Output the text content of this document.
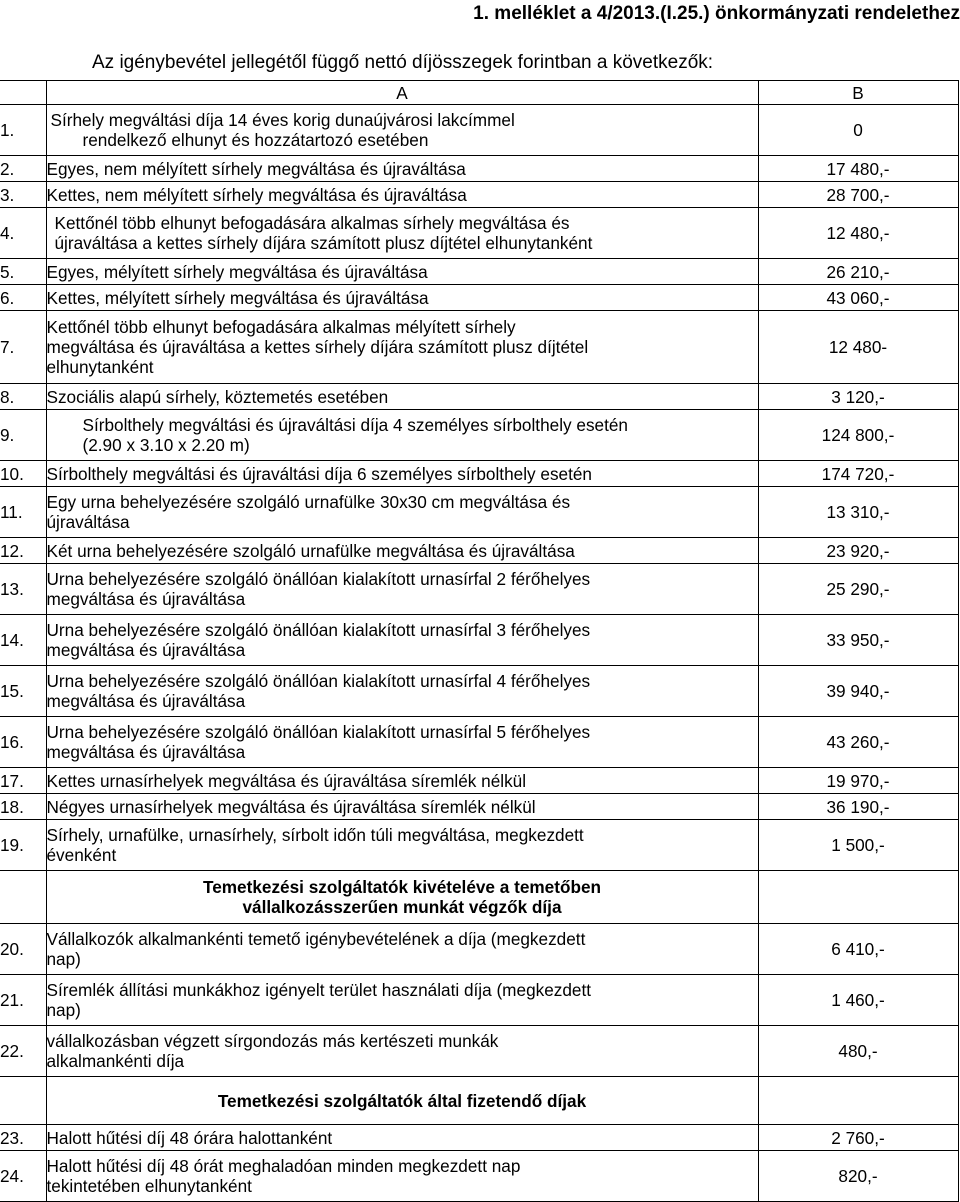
1. melléklet a 4/2013.(I.25.) önkormányzati rendelethez
Az igénybevétel jellegétől függő nettó díjösszegek forintban a következők:
	A	B
1.	Sírhely megváltási díja 14 éves korig dunaújvárosi lakcímmel
rendelkező elhunyt és hozzátartozó esetében	0
2.	Egyes, nem mélyített sírhely megváltása és újraváltása	17 480,-
3.	Kettes, nem mélyített sírhely megváltása és újraváltása	28 700,-
4.	Kettőnél több elhunyt befogadására alkalmas sírhely megváltása és
újraváltása a kettes sírhely díjára számított plusz díjtétel elhunytanként	12 480,-
5.	Egyes, mélyített sírhely megváltása és újraváltása	26 210,-
6.	Kettes, mélyített sírhely megváltása és újraváltása	43 060,-
7.	Kettőnél több elhunyt befogadására alkalmas mélyített sírhely
megváltása és újraváltása a kettes sírhely díjára számított plusz díjtétel
elhunytanként	12 480-
8.	Szociális alapú sírhely, köztemetés esetében	3 120,-
9.	Sírbolthely megváltási és újraváltási díja 4 személyes sírbolthely esetén
(2.90 x 3.10 x 2.20 m)	124 800,-
10.	Sírbolthely megváltási és újraváltási díja 6 személyes sírbolthely esetén	174 720,-
11.	Egy urna behelyezésére szolgáló urnafülke 30x30 cm megváltása és
újraváltása	13 310,-
12.	Két urna behelyezésére szolgáló urnafülke megváltása és újraváltása	23 920,-
13.	Urna behelyezésére szolgáló önállóan kialakított urnasírfal 2 férőhelyes
megváltása és újraváltása	25 290,-
14.	Urna behelyezésére szolgáló önállóan kialakított urnasírfal 3 férőhelyes
megváltása és újraváltása	33 950,-
15.	Urna behelyezésére szolgáló önállóan kialakított urnasírfal 4 férőhelyes
megváltása és újraváltása	39 940,-
16.	Urna behelyezésére szolgáló önállóan kialakított urnasírfal 5 férőhelyes
megváltása és újraváltása	43 260,-
17.	Kettes urnasírhelyek megváltása és újraváltása síremlék nélkül	19 970,-
18.	Négyes urnasírhelyek megváltása és újraváltása síremlék nélkül	36 190,-
19.	Sírhely, urnafülke, urnasírhely, sírbolt időn túli megváltása, megkezdett
évenként	1 500,-

	Temetkezési szolgáltatók kivételéve a temetőben
vállalkozásszerűen munkát végzők díja	

20.	Vállalkozók alkalmankénti temető igénybevételének a díja (megkezdett
nap)	6 410,-
21.	Síremlék állítási munkákhoz igényelt terület használati díja (megkezdett
nap)	1 460,-
22.	vállalkozásban végzett sírgondozás más kertészeti munkák
alkalmankénti díja	480,-

	Temetkezési szolgáltatók által fizetendő díjak	

23.	Halott hűtési díj 48 órára halottanként	2 760,-
24.	Halott hűtési díj 48 órát meghaladóan minden megkezdett nap
tekintetében elhunytanként	820,-
